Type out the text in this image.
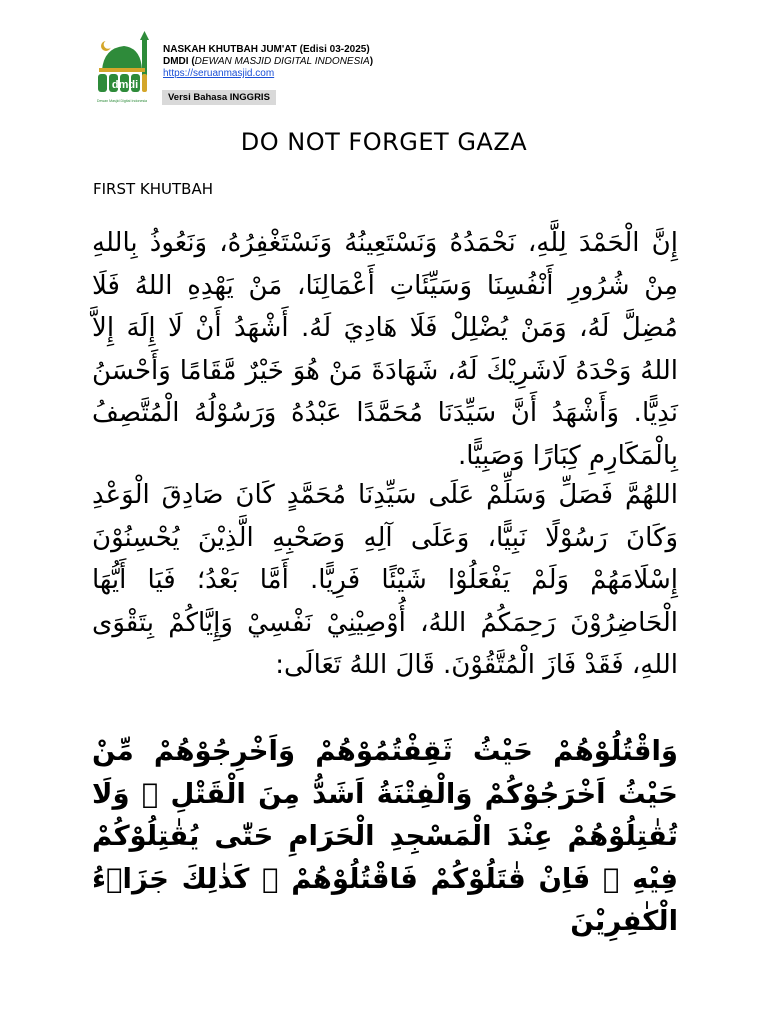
dmdi
Dewan Masjid Digital Indonesia
NASKAH KHUTBAH JUM'AT (Edisi 03-2025)
DMDI (DEWAN MASJID DIGITAL INDONESIA)
https://seruanmasjid.com
Versi Bahasa INGGRIS
DO NOT FORGET GAZA
FIRST KHUTBAH
إِنَّ الْحَمْدَ لِلَّهِ، نَحْمَدُهُ وَنَسْتَعِينُهُ وَنَسْتَغْفِرُهُ، وَنَعُوذُ بِاللهِ مِنْ شُرُورِ أَنْفُسِنَا وَسَيِّئَاتِ أَعْمَالِنَا، مَنْ يَهْدِهِ اللهُ فَلَا مُضِلَّ لَهُ، وَمَنْ يُضْلِلْ فَلَا هَادِيَ لَهُ. أَشْهَدُ أَنْ لَا إِلَهَ إِلاَّ اللهُ وَحْدَهُ لَاشَرِيْكَ لَهُ، شَهَادَةَ مَنْ هُوَ خَيْرٌ مَّقَامًا وَأَحْسَنُ نَدِيًّا. وَأَشْهَدُ أَنَّ سَيِّدَنَا مُحَمَّدًا عَبْدُهُ وَرَسُوْلُهُ الْمُتَّصِفُ بِالْمَكَارِمِ كِبَارًا وَصَبِيًّا.
اللهُمَّ فَصَلِّ وَسَلِّمْ عَلَى سَيِّدِنَا مُحَمَّدٍ كَانَ صَادِقَ الْوَعْدِ وَكَانَ رَسُوْلًا نَبِيًّا، وَعَلَى آلِهِ وَصَحْبِهِ الَّذِيْنَ يُحْسِنُوْنَ إِسْلَامَهُمْ وَلَمْ يَفْعَلُوْا شَيْئًا فَرِيًّا. أَمَّا بَعْدُ؛ فَيَا أَيُّهَا الْحَاضِرُوْنَ رَحِمَكُمُ اللهُ، أُوْصِيْنِيْ نَفْسِيْ وَإِيَّاكُمْ بِتَقْوَى اللهِ، فَقَدْ فَازَ الْمُتَّقُوْنَ. قَالَ اللهُ تَعَالَى:
وَاقْتُلُوْهُمْ حَيْثُ ثَقِفْتُمُوْهُمْ وَاَخْرِجُوْهُمْ مِّنْ حَيْثُ اَخْرَجُوْكُمْ وَالْفِتْنَةُ اَشَدُّ مِنَ الْقَتْلِ ۚ وَلَا تُقٰتِلُوْهُمْ عِنْدَ الْمَسْجِدِ الْحَرَامِ حَتّٰى يُقٰتِلُوْكُمْ فِيْهِ ۚ فَاِنْ قٰتَلُوْكُمْ فَاقْتُلُوْهُمْ ۗ كَذٰلِكَ جَزَاۤءُ الْكٰفِرِيْنَ
